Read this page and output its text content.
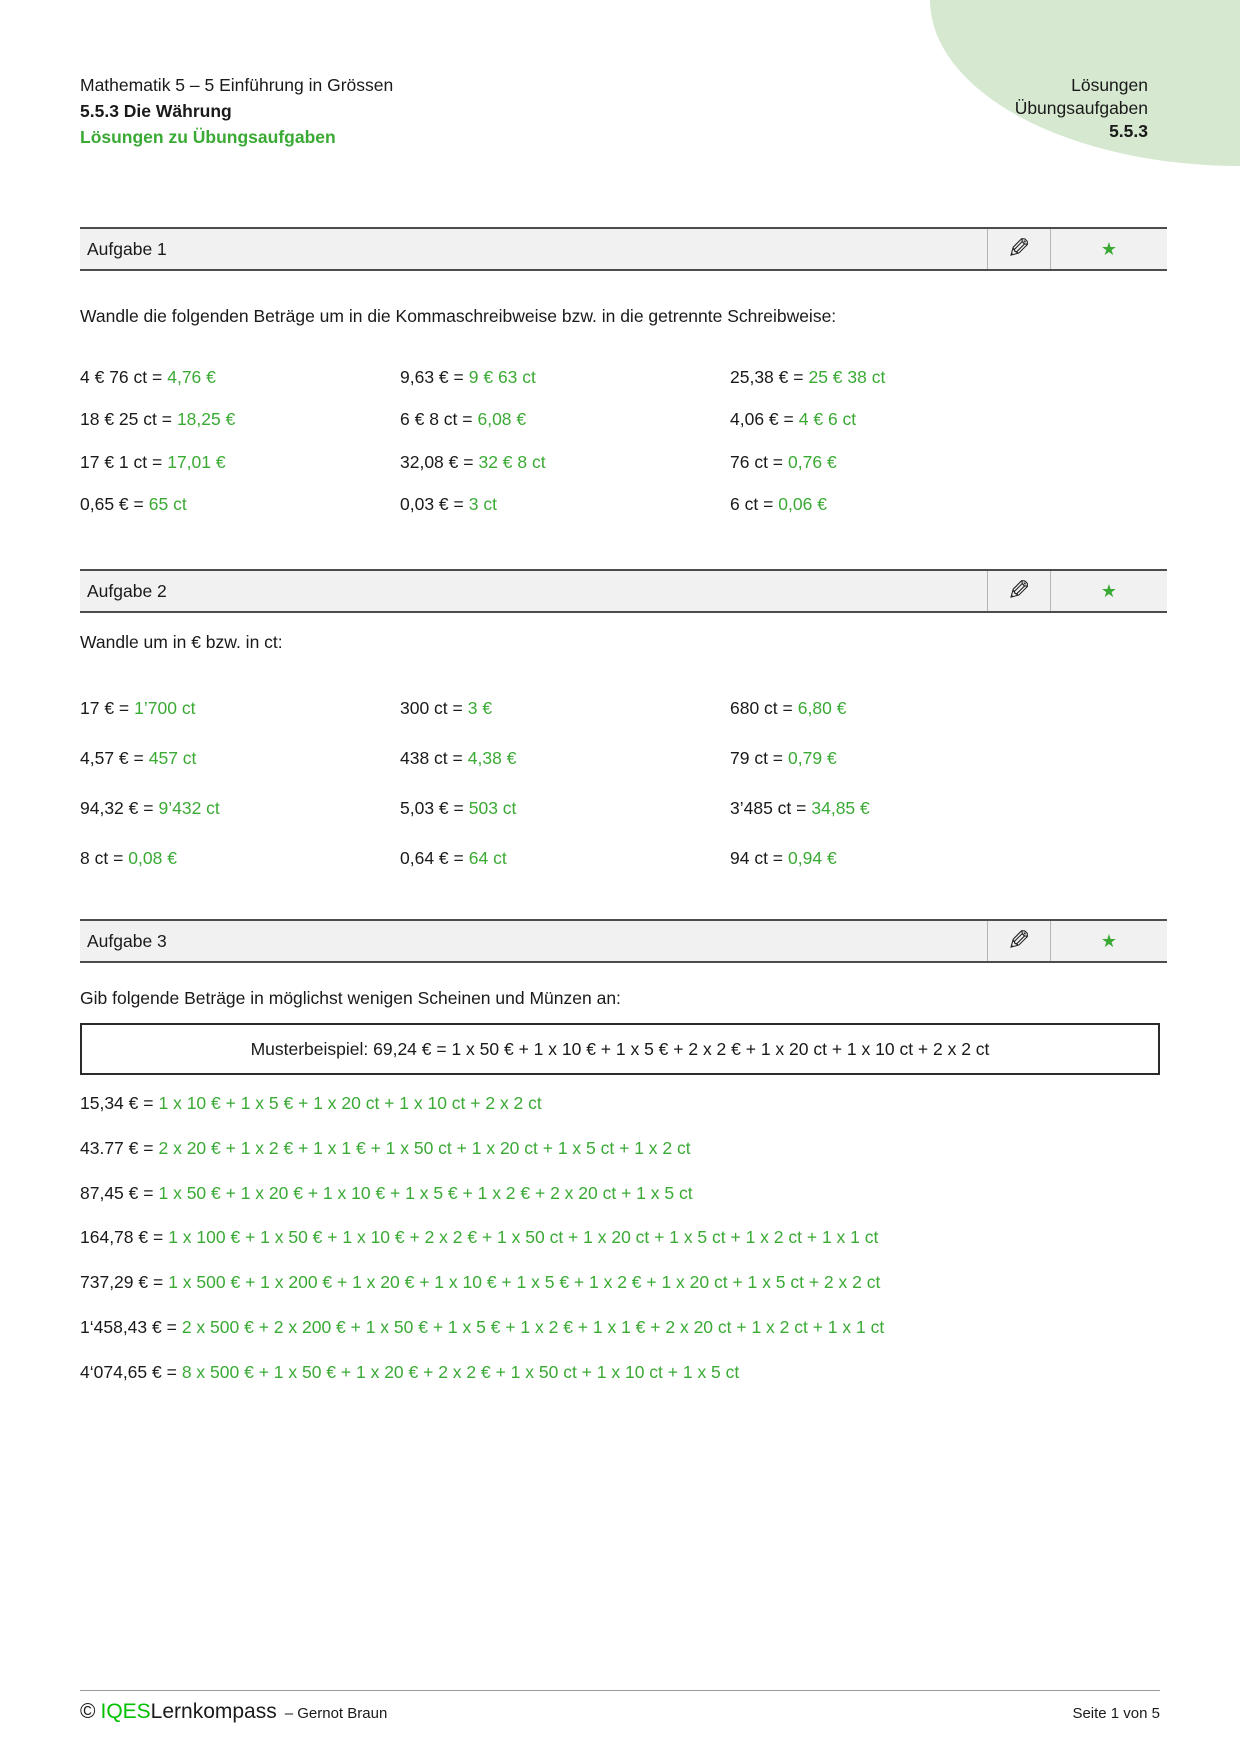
Lösungen
Übungsaufgaben
5.5.3
Mathematik 5 – 5 Einführung in Grössen
5.5.3 Die Währung
Lösungen zu Übungsaufgaben
Aufgabe 1	✎	★
Wandle die folgenden Beträge um in die Kommaschreibweise bzw. in die getrennte Schreibweise:
4 € 76 ct = 4,76 €	9,63 € = 9 € 63 ct	25,38 € = 25 € 38 ct
18 € 25 ct = 18,25 €	6 € 8 ct = 6,08 €	4,06 € = 4 € 6 ct
17 € 1 ct = 17,01 €	32,08 € = 32 € 8 ct	76 ct = 0,76 €
0,65 € = 65 ct	0,03 € = 3 ct	6 ct = 0,06 €
Aufgabe 2	✎	★
Wandle um in € bzw. in ct:
17 € = 1’700 ct	300 ct = 3 €	680 ct = 6,80 €
4,57 € = 457 ct	438 ct = 4,38 €	79 ct = 0,79 €
94,32 € = 9’432 ct	5,03 € = 503 ct	3’485 ct = 34,85 €
8 ct = 0,08 €	0,64 € = 64 ct	94 ct = 0,94 €
Aufgabe 3	✎	★
Gib folgende Beträge in möglichst wenigen Scheinen und Münzen an:
Musterbeispiel: 69,24 € = 1 x 50 € + 1 x 10 € + 1 x 5 € + 2 x 2 € + 1 x 20 ct + 1 x 10 ct + 2 x 2 ct
15,34 € = 1 x 10 € + 1 x 5 € + 1 x 20 ct + 1 x 10 ct + 2 x 2 ct
43.77 € = 2 x 20 € + 1 x 2 € + 1 x 1 € + 1 x 50 ct + 1 x 20 ct + 1 x 5 ct + 1 x 2 ct
87,45 € = 1 x 50 € + 1 x 20 € + 1 x 10 € + 1 x 5 € + 1 x 2 € + 2 x 20 ct + 1 x 5 ct
164,78 € = 1 x 100 € + 1 x 50 € + 1 x 10 € + 2 x 2 € + 1 x 50 ct + 1 x 20 ct + 1 x 5 ct + 1 x 2 ct + 1 x 1 ct
737,29 € = 1 x 500 € + 1 x 200 € + 1 x 20 € + 1 x 10 € + 1 x 5 € + 1 x 2 € + 1 x 20 ct + 1 x 5 ct + 2 x 2 ct
1‘458,43 € = 2 x 500 € + 2 x 200 € + 1 x 50 € + 1 x 5 € + 1 x 2 € + 1 x 1 € + 2 x 20 ct + 1 x 2 ct + 1 x 1 ct
4‘074,65 € = 8 x 500 € + 1 x 50 € + 1 x 20 € + 2 x 2 € + 1 x 50 ct + 1 x 10 ct + 1 x 5 ct
© IQES Lernkompass – Gernot Braun	Seite 1 von 5
